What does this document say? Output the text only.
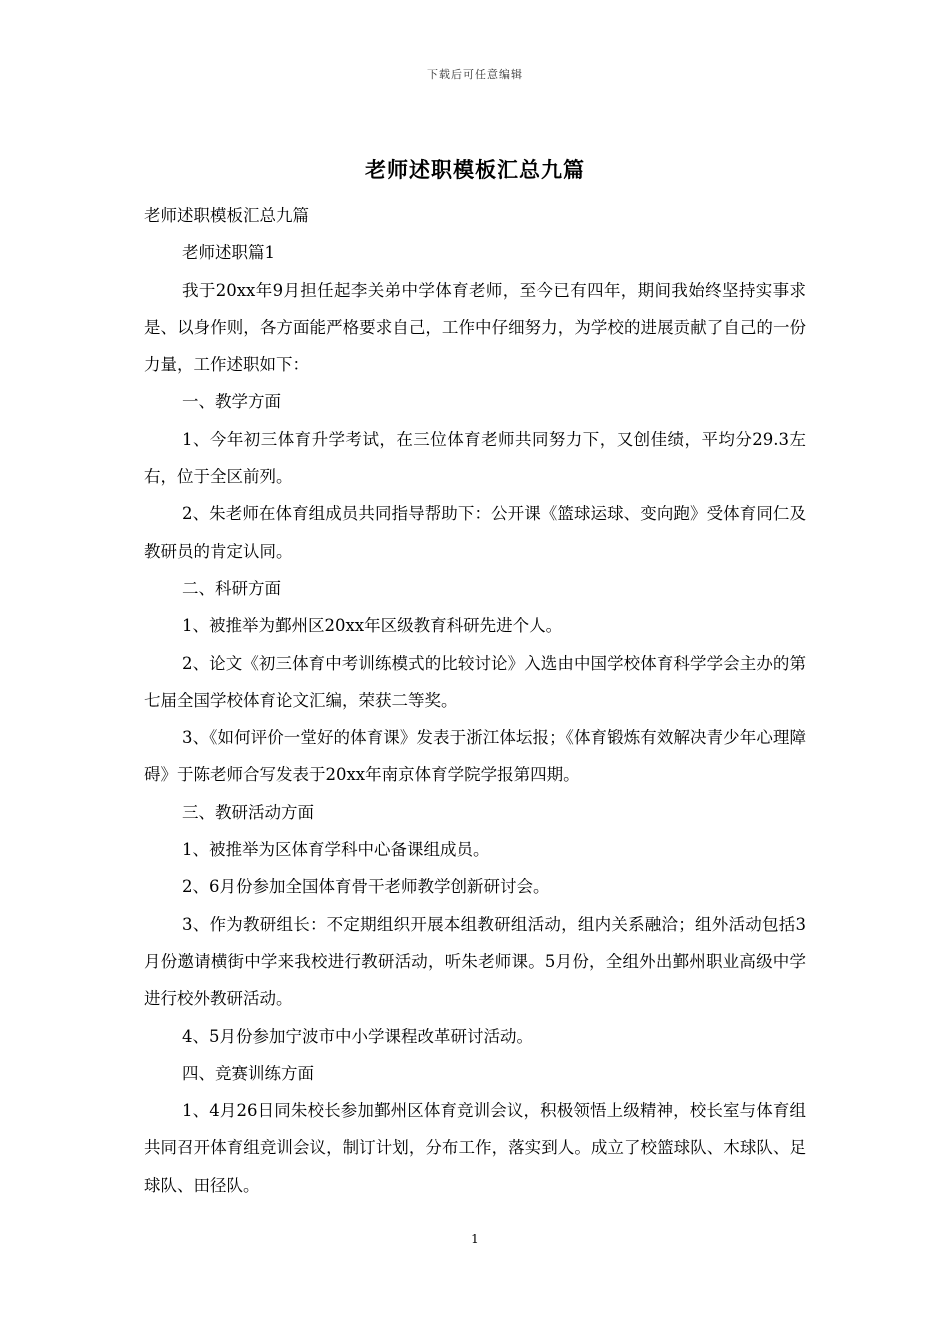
下载后可任意编辑
老师述职模板汇总九篇

老师述职模板汇总九篇

老师述职篇1

我于20xx年9月担任起李关弟中学体育老师，至今已有四年，期间我始终坚持实事求是、以身作则，各方面能严格要求自己，工作中仔细努力，为学校的进展贡献了自己的一份力量，工作述职如下：

一、教学方面

1、今年初三体育升学考试，在三位体育老师共同努力下，又创佳绩，平均分29.3左右，位于全区前列。

2、朱老师在体育组成员共同指导帮助下：公开课《篮球运球、变向跑》受体育同仁及教研员的肯定认同。

二、科研方面

1、被推举为鄞州区20xx年区级教育科研先进个人。

2、论文《初三体育中考训练模式的比较讨论》入选由中国学校体育科学学会主办的第七届全国学校体育论文汇编，荣获二等奖。

3、《如何评价一堂好的体育课》发表于浙江体坛报；《体育锻炼有效解决青少年心理障碍》于陈老师合写发表于20xx年南京体育学院学报第四期。

三、教研活动方面

1、被推举为区体育学科中心备课组成员。

2、6月份参加全国体育骨干老师教学创新研讨会。

3、作为教研组长：不定期组织开展本组教研组活动，组内关系融洽；组外活动包括3月份邀请横街中学来我校进行教研活动，听朱老师课。5月份，全组外出鄞州职业高级中学进行校外教研活动。

4、5月份参加宁波市中小学课程改革研讨活动。

四、竞赛训练方面

1、4月26日同朱校长参加鄞州区体育竞训会议，积极领悟上级精神，校长室与体育组共同召开体育组竞训会议，制订计划，分布工作，落实到人。成立了校篮球队、木球队、足球队、田径队。

1
